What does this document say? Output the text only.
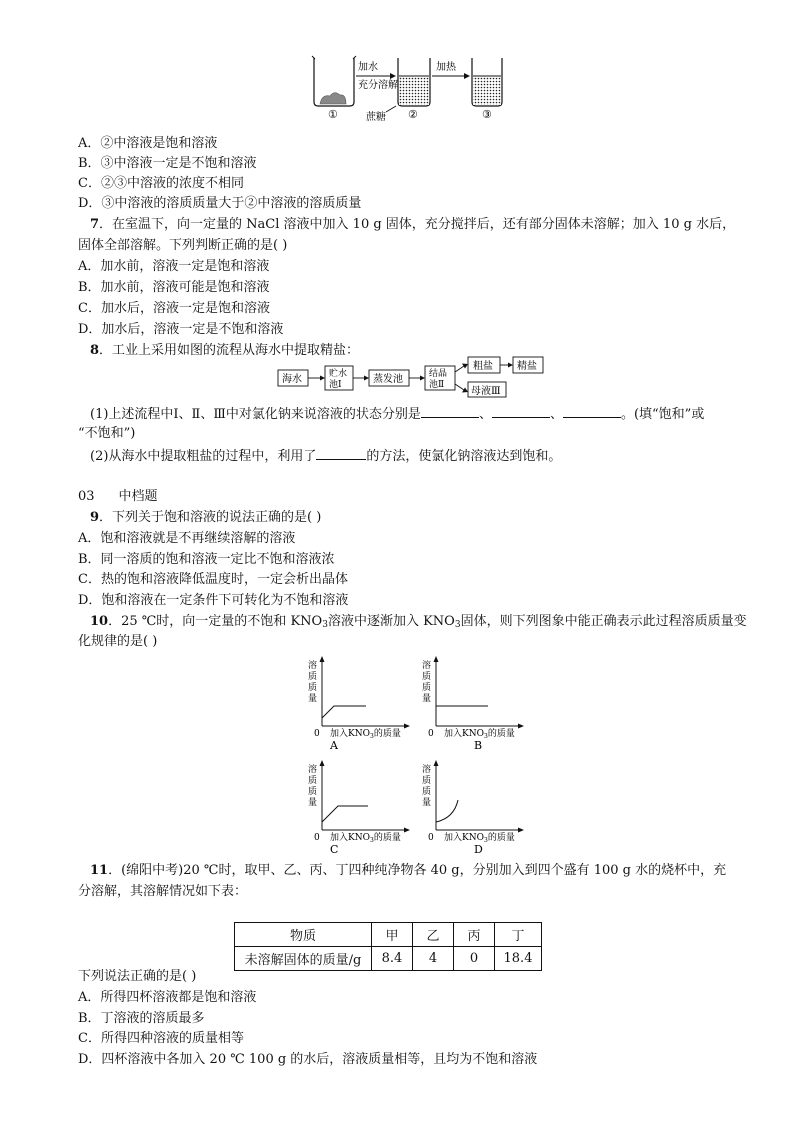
加水
充分溶解
加热
蔗糖
①	②	③
A．②中溶液是饱和溶液
B．③中溶液一定是不饱和溶液
C．②③中溶液的浓度不相同
D．③中溶液的溶质质量大于②中溶液的溶质质量
7．在室温下，向一定量的 NaCl 溶液中加入 10 g 固体，充分搅拌后，还有部分固体未溶解；加入 10 g 水后，
固体全部溶解。下列判断正确的是( )
A．加水前，溶液一定是饱和溶液
B．加水前，溶液可能是饱和溶液
C．加水后，溶液一定是饱和溶液
D．加水后，溶液一定是不饱和溶液
8．工业上采用如图的流程从海水中提取精盐：
海水	贮水
池Ⅰ	蒸发池	结晶
池Ⅱ
粗盐 精盐
母液Ⅲ
(1)上述流程中Ⅰ、Ⅱ、Ⅲ中对氯化钠来说溶液的状态分别是	、	、	。(填“饱和”或
“不饱和”)
(2)从海水中提取粗盐的过程中，利用了	的方法，使氯化钠溶液达到饱和。
03 中档题
9．下列关于饱和溶液的说法正确的是( )
A．饱和溶液就是不再继续溶解的溶液
B．同一溶质的饱和溶液一定比不饱和溶液浓
C．热的饱和溶液降低温度时，一定会析出晶体
D．饱和溶液在一定条件下可转化为不饱和溶液
10．25 ℃时，向一定量的不饱和 KNO3溶液中逐渐加入 KNO3固体，则下列图象中能正确表示此过程溶质质量变
化规律的是( )
溶
质
质
量
0 加入$KNO_3$的质量
A
溶
质
质
量
0 加入$KNO_3$的质量
B
溶
质
质
量
0 加入$KNO_3$的质量
C
溶
质
质
量
0 加入$KNO_3$的质量
D
11．(绵阳中考)20 ℃时，取甲、乙、丙、丁四种纯净物各 40 g，分别加入到四个盛有 100 g 水的烧杯中，充
分溶解，其溶解情况如下表：
物质	甲	乙	丙	丁
未溶解固体的质量/g	8.4	4	0	18.4
下列说法正确的是( )
A．所得四杯溶液都是饱和溶液
B．丁溶液的溶质最多
C．所得四种溶液的质量相等
D．四杯溶液中各加入 20 ℃ 100 g 的水后，溶液质量相等，且均为不饱和溶液
